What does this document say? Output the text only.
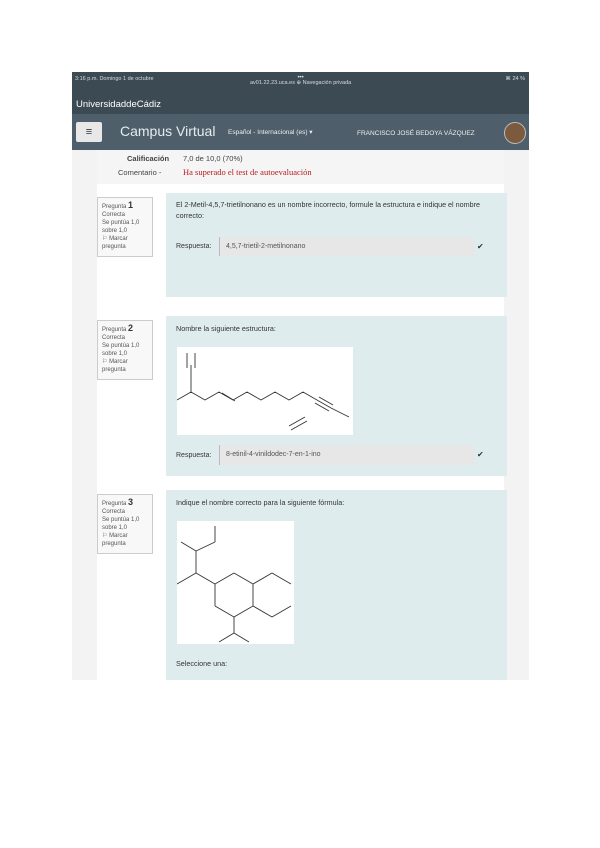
3:16 p.m. Domingo 1 de octubre	•••
av01.22.23.uca.es ⊕ Navegación privada
⌘ 24 %
UniversidaddeCádiz
≡	Campus Virtual Español - Internacional (es) ▾	FRANCISCO JOSÉ BEDOYA VÁZQUEZ
Calificación 7,0 de 10,0 (70%)
Comentario -	Ha superado el test de autoevaluación
Pregunta 1
Correcta
Se puntúa 1,0 sobre 1,0
⚐ Marcar pregunta
El 2-Metil-4,5,7-trietilnonano es un nombre incorrecto, formule la estructura e indique el nombre correcto:
Respuesta:	4,5,7-trietil-2-metilnonano	✔
Pregunta 2
Correcta
Se puntúa 1,0 sobre 1,0
⚐ Marcar pregunta
Nombre la siguiente estructura:
Respuesta:	8-etinil-4-vinildodec-7-en-1-ino	✔
Pregunta 3
Correcta
Se puntúa 1,0 sobre 1,0
⚐ Marcar pregunta
Indique el nombre correcto para la siguiente fórmula:
Seleccione una:
